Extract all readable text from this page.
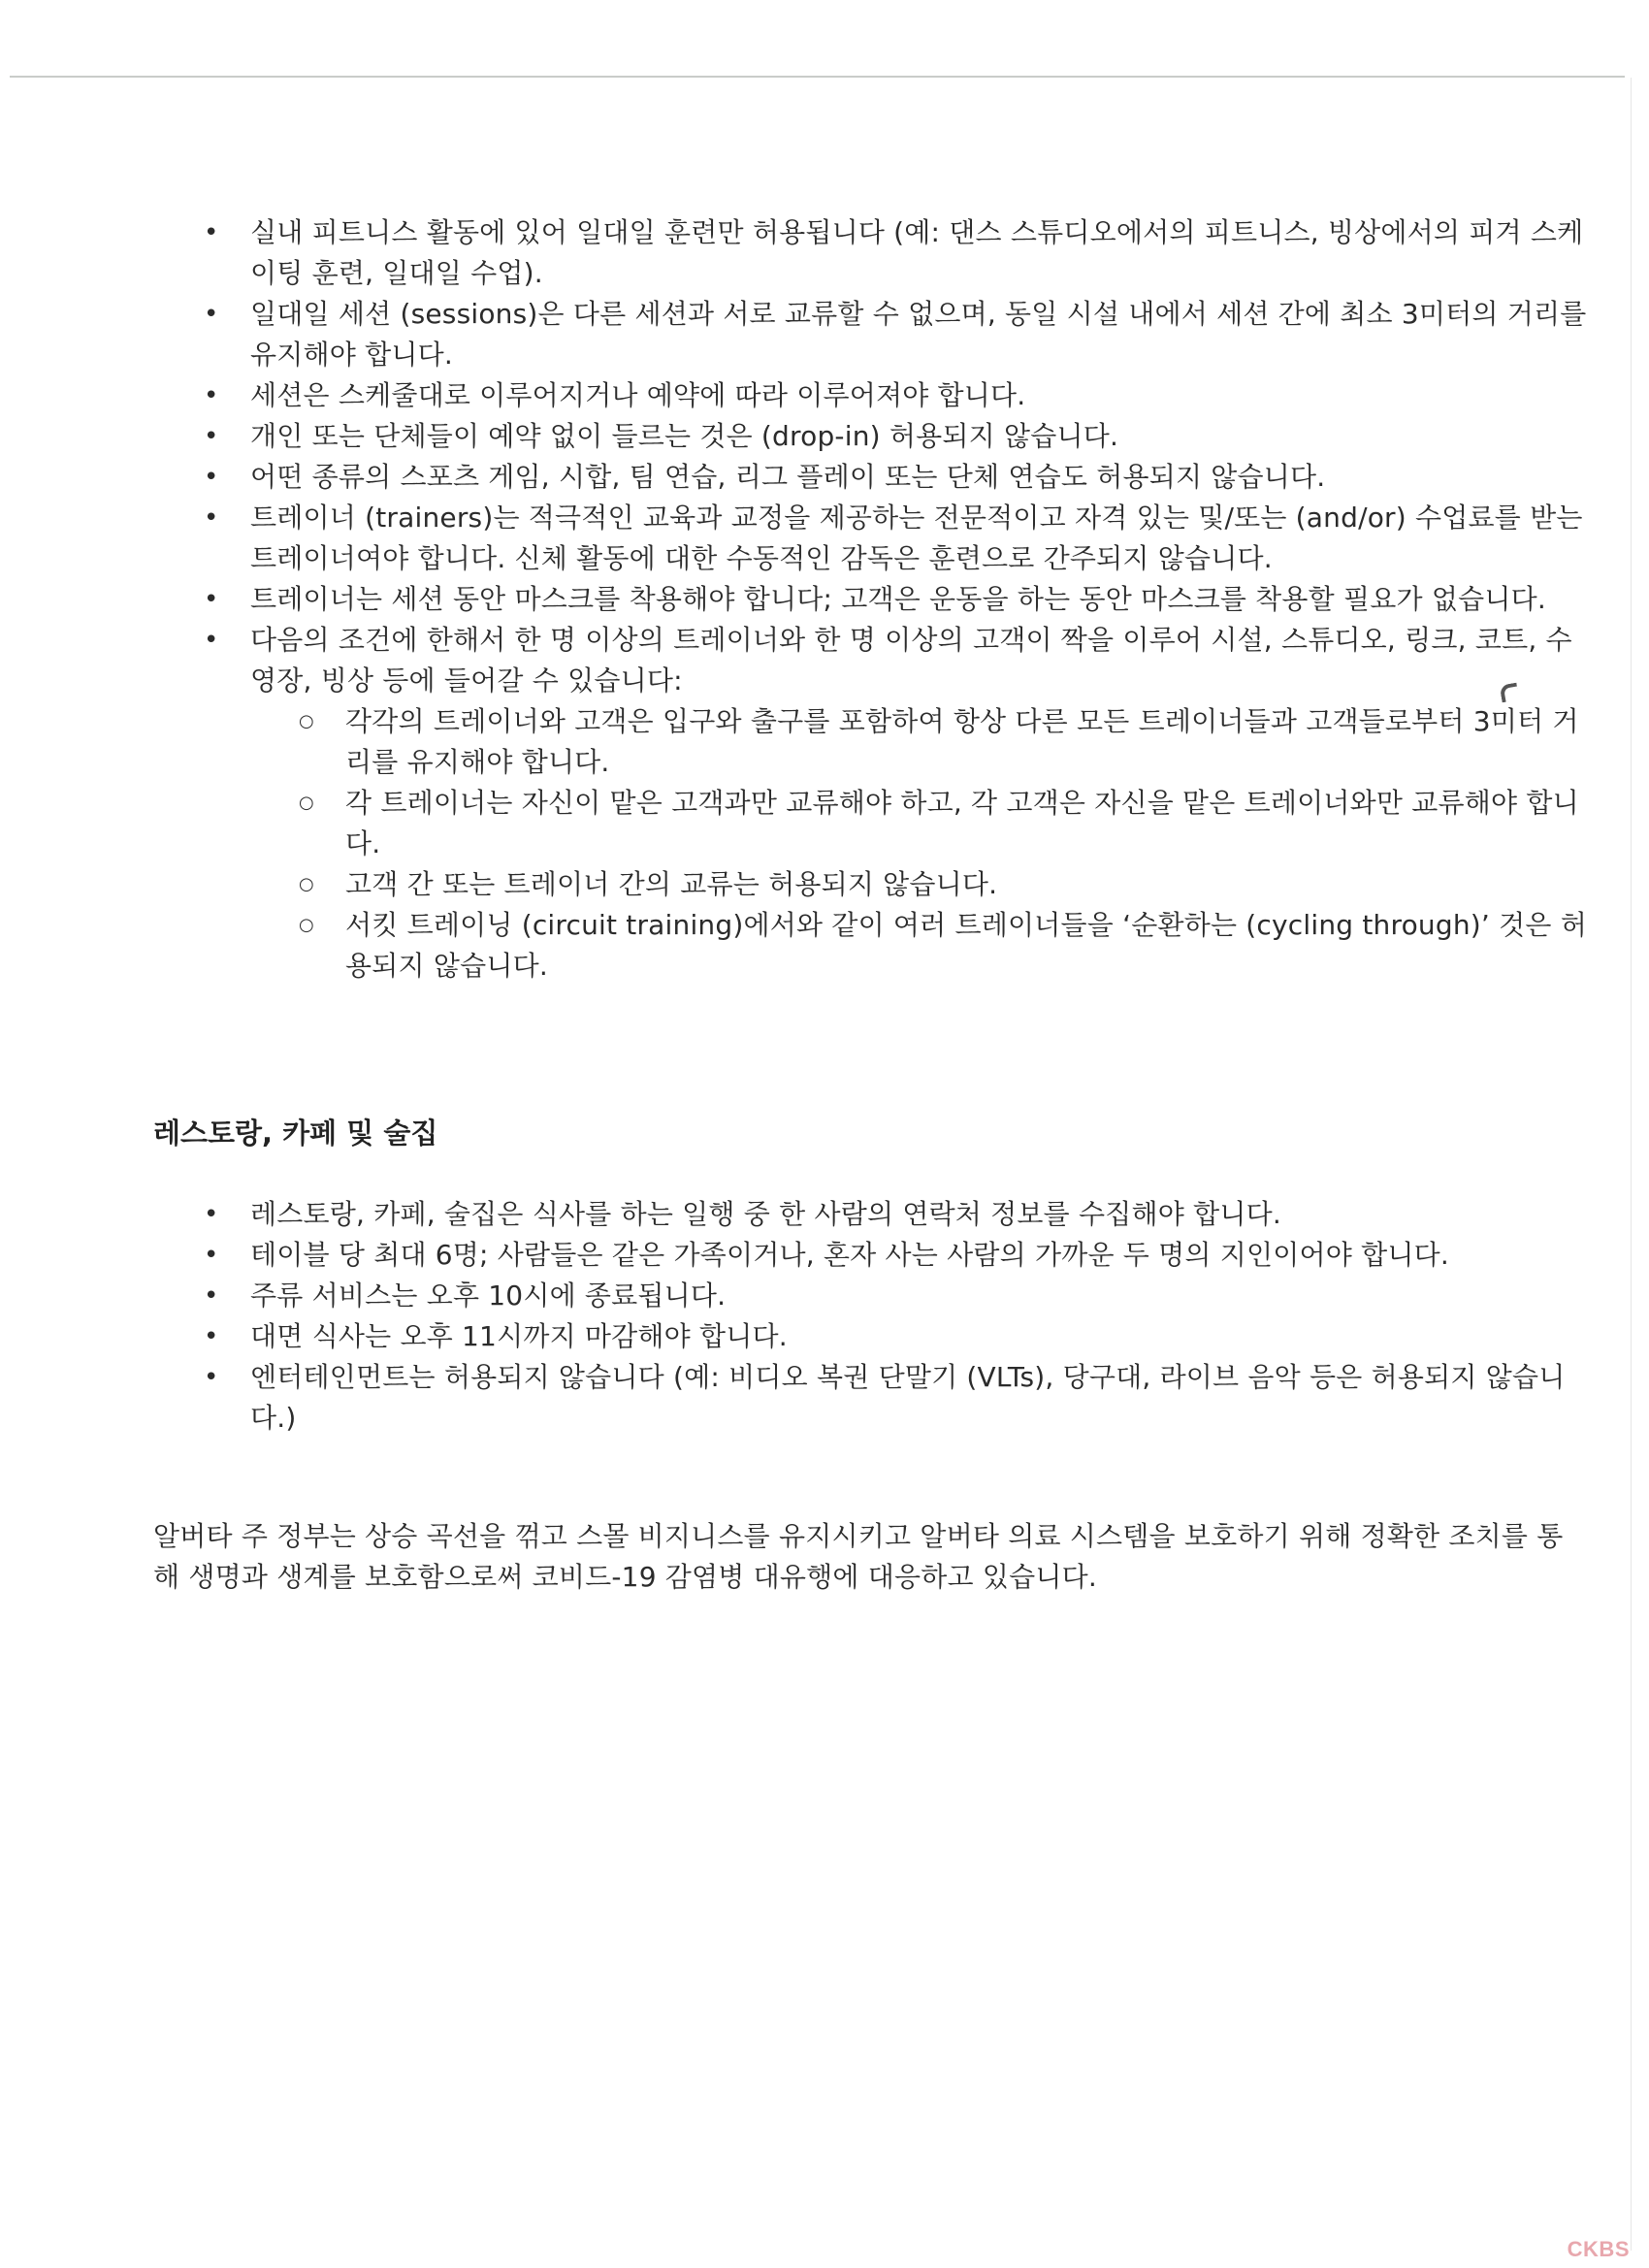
• 실내 피트니스 활동에 있어 일대일 훈련만 허용됩니다 (예: 댄스 스튜디오에서의 피트니스, 빙상에서의 피겨 스케이팅 훈련, 일대일 수업).
• 일대일 세션 (sessions)은 다른 세션과 서로 교류할 수 없으며, 동일 시설 내에서 세션 간에 최소 3미터의 거리를 유지해야 합니다.
• 세션은 스케줄대로 이루어지거나 예약에 따라 이루어져야 합니다.
• 개인 또는 단체들이 예약 없이 들르는 것은 (drop-in) 허용되지 않습니다.
• 어떤 종류의 스포츠 게임, 시합, 팀 연습, 리그 플레이 또는 단체 연습도 허용되지 않습니다.
• 트레이너 (trainers)는 적극적인 교육과 교정을 제공하는 전문적이고 자격 있는 및/또는 (and/or) 수업료를 받는 트레이너여야 합니다. 신체 활동에 대한 수동적인 감독은 훈련으로 간주되지 않습니다.
• 트레이너는 세션 동안 마스크를 착용해야 합니다; 고객은 운동을 하는 동안 마스크를 착용할 필요가 없습니다.
• 다음의 조건에 한해서 한 명 이상의 트레이너와 한 명 이상의 고객이 짝을 이루어 시설, 스튜디오, 링크, 코트, 수영장, 빙상 등에 들어갈 수 있습니다:
○ 각각의 트레이너와 고객은 입구와 출구를 포함하여 항상 다른 모든 트레이너들과 고객들로부터 3미터 거리를 유지해야 합니다.
○ 각 트레이너는 자신이 맡은 고객과만 교류해야 하고, 각 고객은 자신을 맡은 트레이너와만 교류해야 합니다.
○ 고객 간 또는 트레이너 간의 교류는 허용되지 않습니다.
○ 서킷 트레이닝 (circuit training)에서와 같이 여러 트레이너들을 ‘순환하는 (cycling through)’ 것은 허용되지 않습니다.
레스토랑, 카페 및 술집
• 레스토랑, 카페, 술집은 식사를 하는 일행 중 한 사람의 연락처 정보를 수집해야 합니다.
• 테이블 당 최대 6명; 사람들은 같은 가족이거나, 혼자 사는 사람의 가까운 두 명의 지인이어야 합니다.
• 주류 서비스는 오후 10시에 종료됩니다.
• 대면 식사는 오후 11시까지 마감해야 합니다.
• 엔터테인먼트는 허용되지 않습니다 (예: 비디오 복권 단말기 (VLTs), 당구대, 라이브 음악 등은 허용되지 않습니다.)

알버타 주 정부는 상승 곡선을 꺾고 스몰 비지니스를 유지시키고 알버타 의료 시스템을 보호하기 위해 정확한 조치를 통해 생명과 생계를 보호함으로써 코비드-19 감염병 대유행에 대응하고 있습니다.

CKBS
